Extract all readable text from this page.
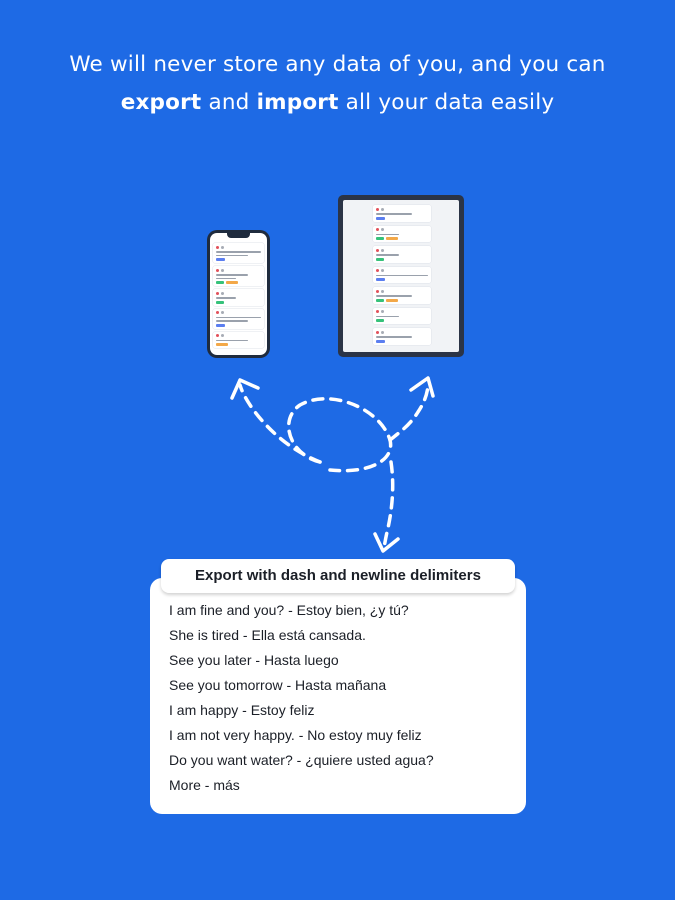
We will never store any data of you, and you can
export and import all your data easily
I am fine and you? - Estoy bien, ¿y tú?
She is tired - Ella está cansada.
See you later - Hasta luego
See you tomorrow - Hasta mañana
I am happy - Estoy feliz
I am not very happy. - No estoy muy feliz
Do you want water? - ¿quiere usted agua?
More - más
Export with dash and newline delimiters
